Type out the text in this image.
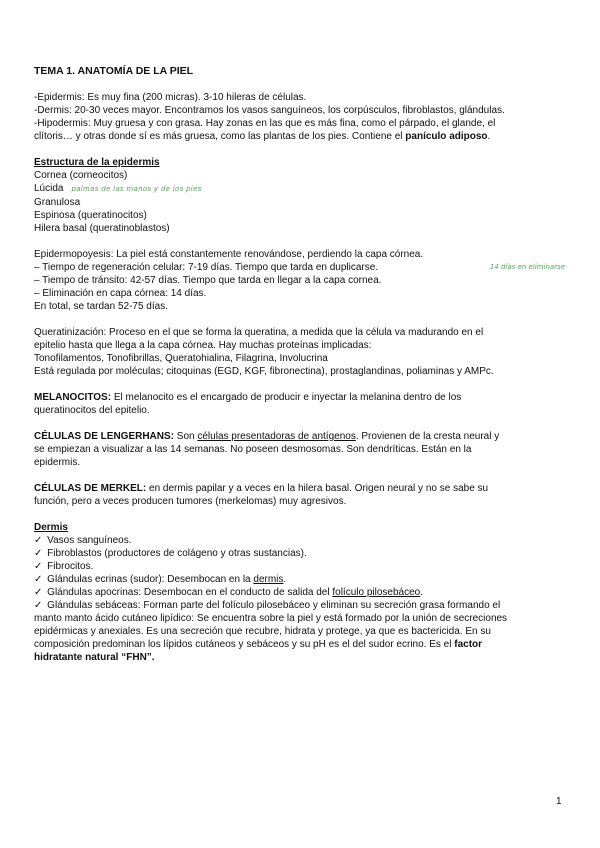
TEMA 1. ANATOMÍA DE LA PIEL

-Epidermis: Es muy fina (200 micras). 3-10 hileras de células.

-Dermis: 20-30 veces mayor. Encontramos los vasos sanguíneos, los corpúsculos, fibroblastos, glándulas.

-Hipodermis: Muy gruesa y con grasa. Hay zonas en las que es más fina, como el párpado, el glande, el

clítoris… y otras donde sí es más gruesa, como las plantas de los pies. Contiene el panículo adiposo.

Estructura de la epidermis

Cornea (corneocitos)

Lúcida palmas de las manos y de los pies

Granulosa

Espinosa (queratinocitos)

Hilera basal (queratinoblastos)

Epidermopoyesis: La piel está constantemente renovándose, perdiendo la capa córnea.

– Tiempo de regeneración celular: 7-19 días. Tiempo que tarda en duplicarse.	14 días en eliminarse

– Tiempo de tránsito: 42-57 días. Tiempo que tarda en llegar a la capa cornea.

– Eliminación en capa córnea: 14 días.

En total, se tardan 52-75 días.

Queratinización: Proceso en el que se forma la queratina, a medida que la célula va madurando en el

epitelio hasta que llega a la capa córnea. Hay muchas proteínas implicadas:

Tonofilamentos, Tonofibrillas, Queratohialina, Filagrina, Involucrina

Está regulada por moléculas; citoquinas (EGD, KGF, fibronectina), prostaglandinas, poliaminas y AMPc.

MELANOCITOS: El melanocito es el encargado de producir e inyectar la melanina dentro de los

queratinocitos del epitelio.

CÉLULAS DE LENGERHANS: Son células presentadoras de antígenos. Provienen de la cresta neural y

se empiezan a visualizar a las 14 semanas. No poseen desmosomas. Son dendríticas. Están en la

epidermis.

CÉLULAS DE MERKEL: en dermis papilar y a veces en la hilera basal. Origen neural y no se sabe su

función, pero a veces producen tumores (merkelomas) muy agresivos.

Dermis

✓ Vasos sanguíneos.

✓ Fibroblastos (productores de colágeno y otras sustancias).

✓ Fibrocitos.

✓ Glándulas ecrinas (sudor): Desembocan en la dermis.

✓ Glándulas apocrinas: Desembocan en el conducto de salida del folículo pilosebáceo.

✓ Glándulas sebáceas: Forman parte del folículo pilosebáceo y eliminan su secreción grasa formando el

manto manto ácido cutáneo lipídico: Se encuentra sobre la piel y está formado por la unión de secreciones

epidérmicas y anexiales. Es una secreción que recubre, hidrata y protege, ya que es bactericida. En su

composición predominan los lípidos cutáneos y sebáceos y su pH es el del sudor ecrino. Es el factor

hidratante natural “FHN”.

1
